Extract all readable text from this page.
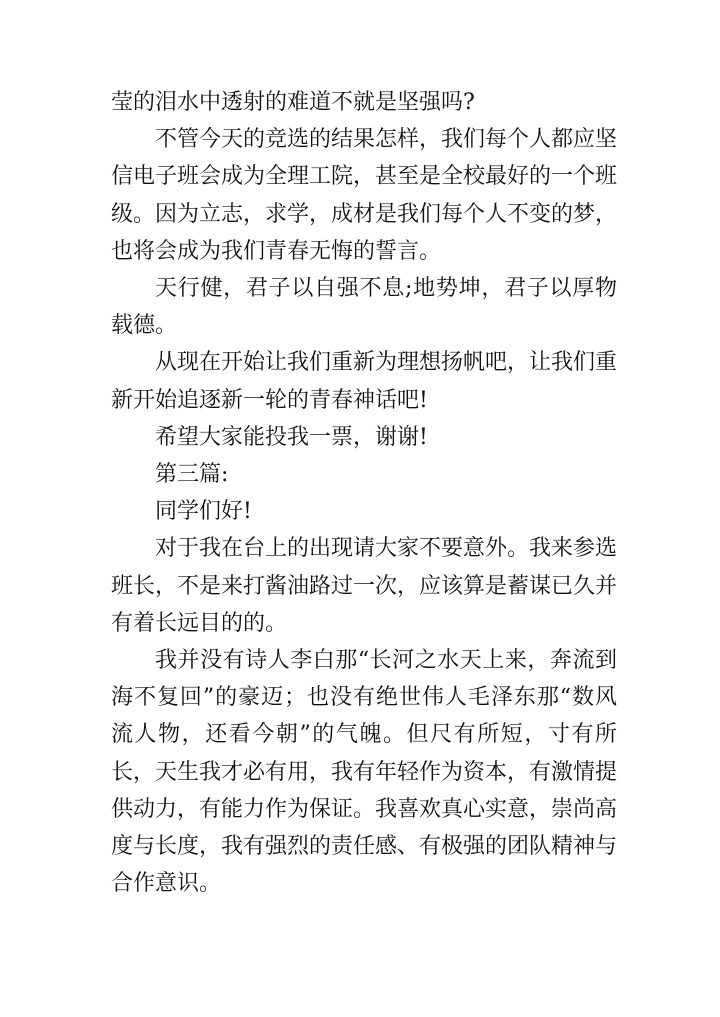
莹的泪水中透射的难道不就是坚强吗?

不管今天的竞选的结果怎样，我们每个人都应坚信电子班会成为全理工院，甚至是全校最好的一个班级。因为立志，求学，成材是我们每个人不变的梦，也将会成为我们青春无悔的誓言。

天行健，君子以自强不息;地势坤，君子以厚物载德。

从现在开始让我们重新为理想扬帆吧，让我们重新开始追逐新一轮的青春神话吧!

希望大家能投我一票，谢谢!

第三篇:

同学们好!

对于我在台上的出现请大家不要意外。我来参选班长，不是来打酱油路过一次，应该算是蓄谋已久并有着长远目的的。

我并没有诗人李白那“长河之水天上来，奔流到海不复回”的豪迈；也没有绝世伟人毛泽东那“数风流人物，还看今朝”的气魄。但尺有所短，寸有所长，天生我才必有用，我有年轻作为资本，有激情提供动力，有能力作为保证。我喜欢真心实意，崇尚高度与长度，我有强烈的责任感、有极强的团队精神与合作意识。
